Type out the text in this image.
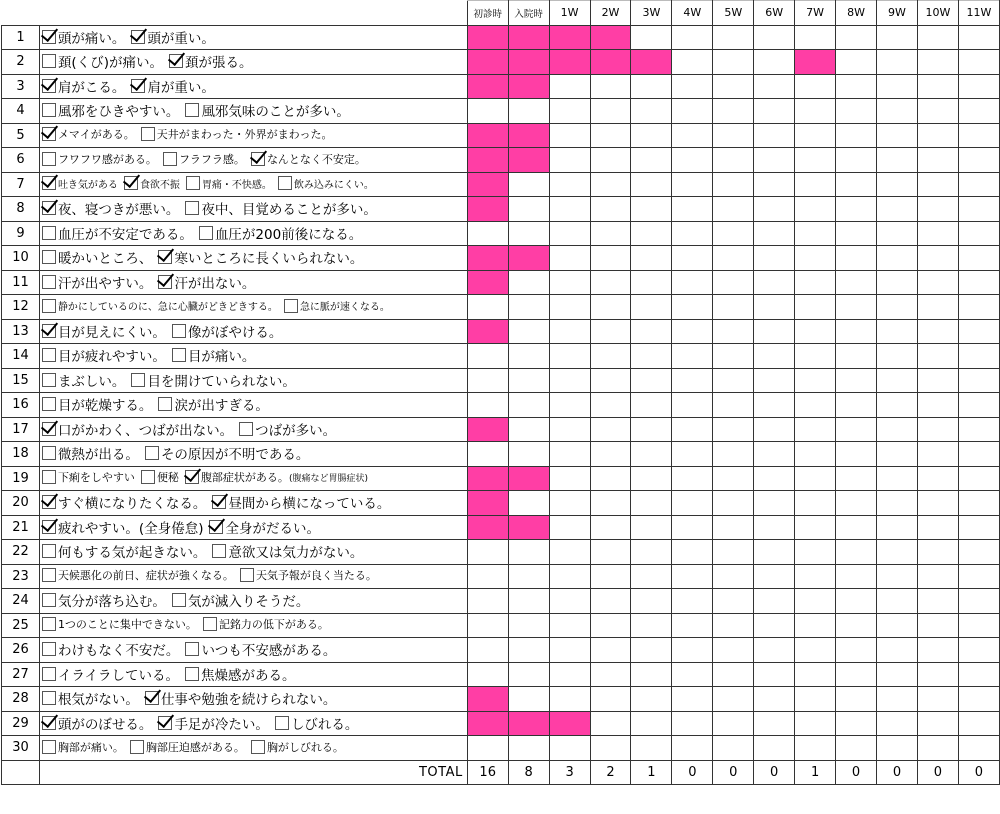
		初診時	入院時	1W	2W	3W	4W	5W	6W	7W	8W	9W	10W	11W
1	頭が痛い。 頭が重い。													

2	頚(くび)が痛い。 頚が張る。													

3	肩がこる。 肩が重い。													

4	風邪をひきやすい。 風邪気味のことが多い。													

5	メマイがある。 天井がまわった・外界がまわった。													

6	フワフワ感がある。 フラフラ感。 なんとなく不安定。													

7	吐き気がある 食欲不振 胃痛・不快感。 飲み込みにくい。													

8	夜、寝つきが悪い。 夜中、目覚めることが多い。													

9	血圧が不安定である。 血圧が200前後になる。													

10	暖かいところ、 寒いところに長くいられない。													

11	汗が出やすい。 汗が出ない。													

12	静かにしているのに、急に心臓がどきどきする。 急に脈が速くなる。													

13	目が見えにくい。 像がぼやける。													

14	目が疲れやすい。 目が痛い。													

15	まぶしい。 目を開けていられない。													

16	目が乾燥する。 涙が出すぎる。													

17	口がかわく、つばが出ない。 つばが多い。													

18	微熱が出る。 その原因が不明である。													

19	下痢をしやすい 便秘 腹部症状がある。 (腹痛など胃腸症状)													

20	すぐ横になりたくなる。 昼間から横になっている。													

21	疲れやすい。(全身倦怠) 全身がだるい。													

22	何もする気が起きない。 意欲又は気力がない。													

23	天候悪化の前日、症状が強くなる。 天気予報が良く当たる。													

24	気分が落ち込む。 気が滅入りそうだ。													

25	1つのことに集中できない。 記銘力の低下がある。													

26	わけもなく不安だ。 いつも不安感がある。													

27	イライラしている。 焦燥感がある。													

28	根気がない。 仕事や勉強を続けられない。													

29	頭がのぼせる。 手足が冷たい。 しびれる。													

30	胸部が痛い。 胸部圧迫感がある。 胸がしびれる。													

	TOTAL	16	8	3	2	1	0	0	0	1	0	0	0	0
